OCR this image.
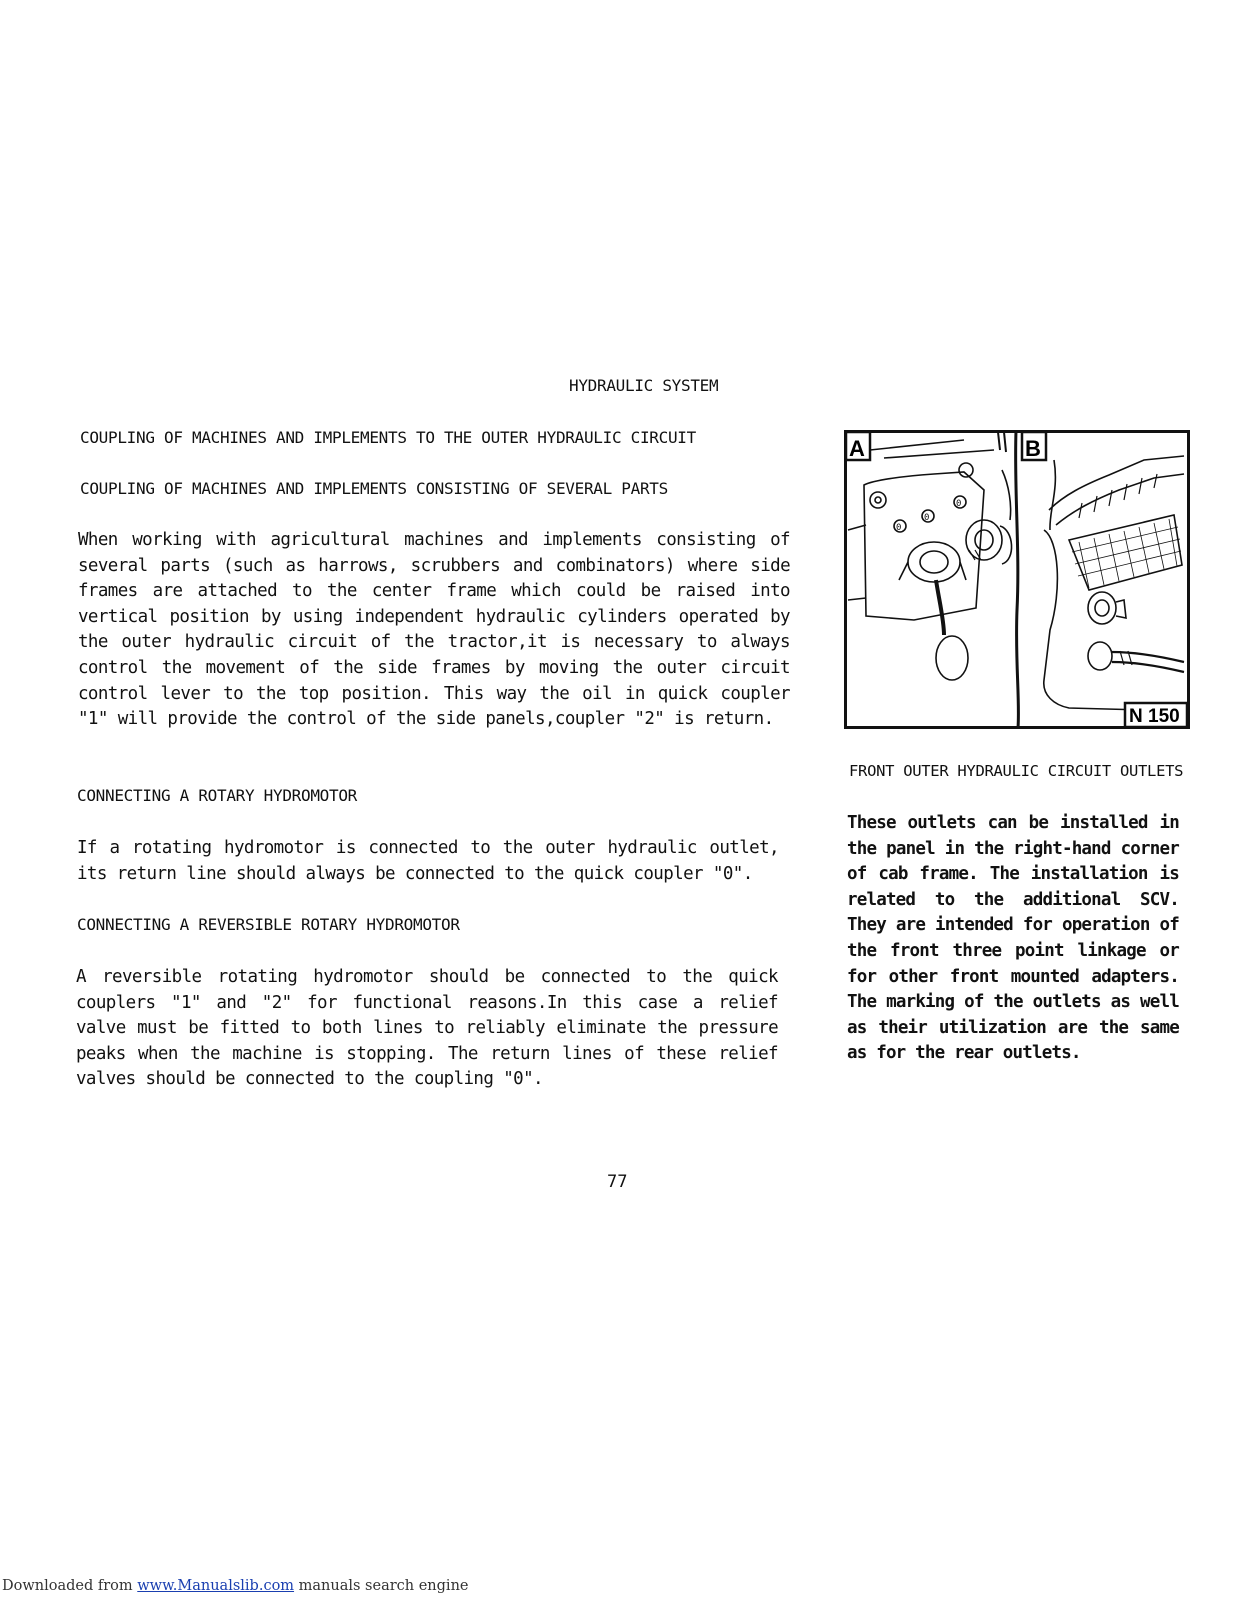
HYDRAULIC SYSTEM
COUPLING OF MACHINES AND IMPLEMENTS TO THE OUTER HYDRAULIC CIRCUIT
COUPLING OF MACHINES AND IMPLEMENTS CONSISTING OF SEVERAL PARTS
When working with agricultural machines and implements consisting of several parts (such as harrows, scrubbers and combinators) where side frames are attached to the center frame which could be raised into vertical position by using independent hydraulic cylinders operated by the outer hydraulic circuit of the tractor,it is necessary to always control the movement of the side frames by moving the outer circuit control lever to the top position. This way the oil in quick coupler "1" will provide the control of the side panels,coupler "2" is return.
CONNECTING A ROTARY HYDROMOTOR
If a rotating hydromotor is connected to the outer hydraulic outlet, its return line should always be connected to the quick coupler "0".
CONNECTING A REVERSIBLE ROTARY HYDROMOTOR
A reversible rotating hydromotor should be connected to the quick couplers "1" and "2" for functional reasons.In this case a relief valve must be fitted to both lines to reliably eliminate the pressure peaks when the machine is stopping. The return lines of these relief valves should be connected to the coupling "0".
A	B
0
0
0
N 150
FRONT OUTER HYDRAULIC CIRCUIT OUTLETS
These outlets can be installed in the panel in the right-hand corner of cab frame. The installation is related to the additional SCV. They are intended for operation of the front three point linkage or for other front mounted adapters. The marking of the outlets as well as their utilization are the same as for the rear outlets.
77
Downloaded from www.Manualslib.com manuals search engine
